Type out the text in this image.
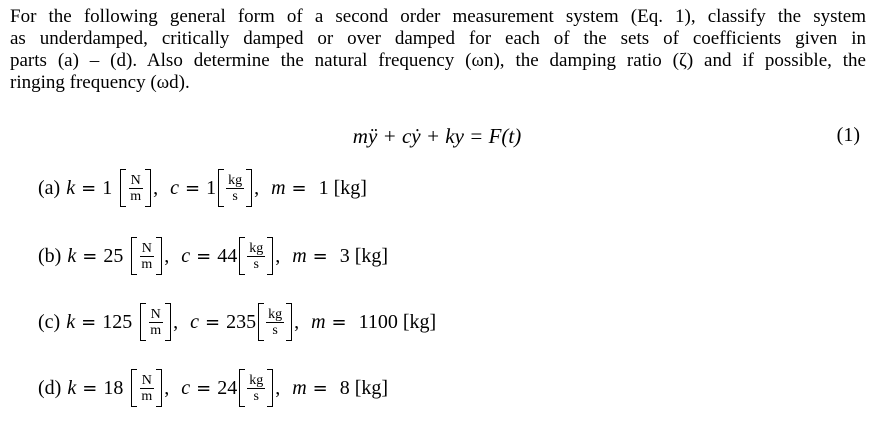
For the following general form of a second order measurement system (Eq. 1), classify the system
as underdamped, critically damped or over damped for each of the sets of coefficients given in
parts (a) – (d). Also determine the natural frequency (ωn), the damping ratio (ζ) and if possible, the
ringing frequency (ωd).
mÿ + cẏ + ky = F(t)	(1)
(a) $k = 1 \frac{N}{m}$ , $c = 1 \frac{kg}{s}$ , m = 1 [kg]
(b) $k = 25 \frac{N}{m}$ , $c = 44 \frac{kg}{s}$ , m = 3 [kg]
(c) $k = 125 \frac{N}{m}$ , $c = 235 \frac{kg}{s}$ , m = 1100 [kg]
(d) $k = 18 \frac{N}{m}$ , $c = 24 \frac{kg}{s}$ , m = 8 [kg]
